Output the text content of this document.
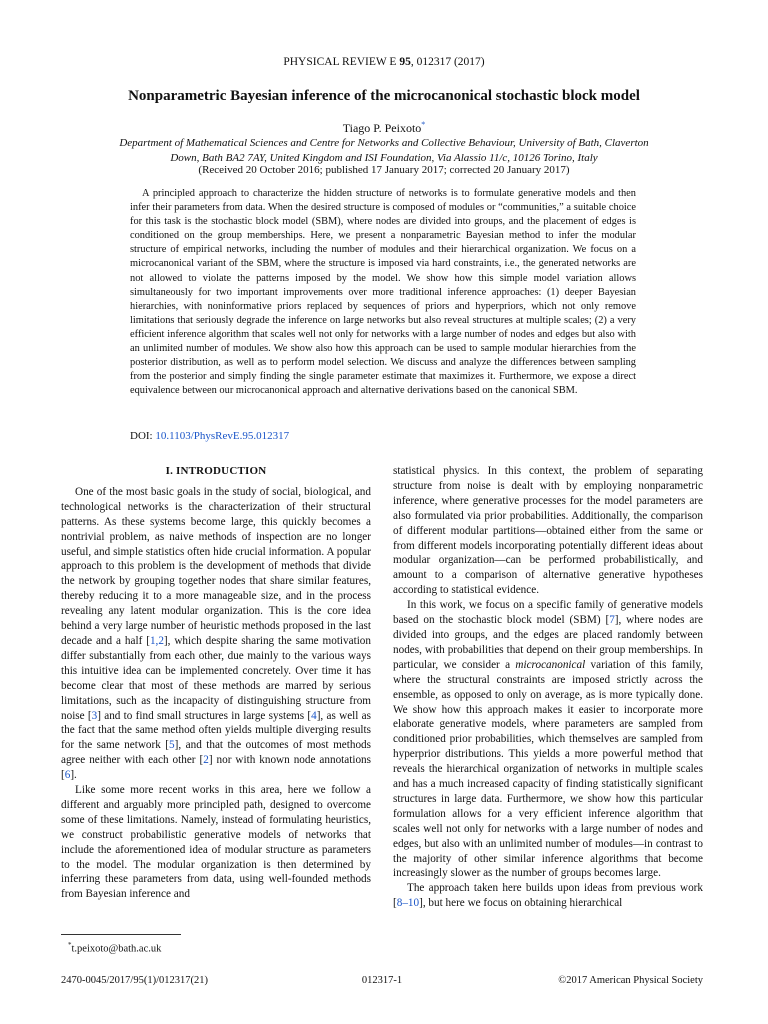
PHYSICAL REVIEW E 95, 012317 (2017)
Nonparametric Bayesian inference of the microcanonical stochastic block model
Tiago P. Peixoto*
Department of Mathematical Sciences and Centre for Networks and Collective Behaviour, University of Bath, Claverton Down, Bath BA2 7AY, United Kingdom and ISI Foundation, Via Alassio 11/c, 10126 Torino, Italy
(Received 20 October 2016; published 17 January 2017; corrected 20 January 2017)

A principled approach to characterize the hidden structure of networks is to formulate generative models and then infer their parameters from data. When the desired structure is composed of modules or “communities,” a suitable choice for this task is the stochastic block model (SBM), where nodes are divided into groups, and the placement of edges is conditioned on the group memberships. Here, we present a nonparametric Bayesian method to infer the modular structure of empirical networks, including the number of modules and their hierarchical organization. We focus on a microcanonical variant of the SBM, where the structure is imposed via hard constraints, i.e., the generated networks are not allowed to violate the patterns imposed by the model. We show how this simple model variation allows simultaneously for two important improvements over more traditional inference approaches: (1) deeper Bayesian hierarchies, with noninformative priors replaced by sequences of priors and hyperpriors, which not only remove limitations that seriously degrade the inference on large networks but also reveal structures at multiple scales; (2) a very efficient inference algorithm that scales well not only for networks with a large number of nodes and edges but also with an unlimited number of modules. We show also how this approach can be used to sample modular hierarchies from the posterior distribution, as well as to perform model selection. We discuss and analyze the differences between sampling from the posterior and simply finding the single parameter estimate that maximizes it. Furthermore, we expose a direct equivalence between our microcanonical approach and alternative derivations based on the canonical SBM.

DOI: 10.1103/PhysRevE.95.012317
I. INTRODUCTION

One of the most basic goals in the study of social, biological, and technological networks is the characterization of their structural patterns. As these systems become large, this quickly becomes a nontrivial problem, as naive methods of inspection are no longer useful, and simple statistics often hide crucial information. A popular approach to this problem is the development of methods that divide the network by grouping together nodes that share similar features, thereby reducing it to a more manageable size, and in the process revealing any latent modular organization. This is the core idea behind a very large number of heuristic methods proposed in the last decade and a half [1,2], which despite sharing the same motivation differ substantially from each other, due mainly to the various ways this intuitive idea can be implemented concretely. Over time it has become clear that most of these methods are marred by serious limitations, such as the incapacity of distinguishing structure from noise [3] and to find small structures in large systems [4], as well as the fact that the same method often yields multiple diverging results for the same network [5], and that the outcomes of most methods agree neither with each other [2] nor with known node annotations [6].

Like some more recent works in this area, here we follow a different and arguably more principled path, designed to overcome some of these limitations. Namely, instead of formulating heuristics, we construct probabilistic generative models of networks that include the aforementioned idea of modular structure as parameters to the model. The modular organization is then determined by inferring these parameters from data, using well-founded methods from Bayesian inference and

statistical physics. In this context, the problem of separating structure from noise is dealt with by employing nonparametric inference, where generative processes for the model parameters are also formulated via prior probabilities. Additionally, the comparison of different modular partitions—obtained either from the same or from different models incorporating potentially different ideas about modular organization—can be performed probabilistically, and amount to a comparison of alternative generative hypotheses according to statistical evidence.

In this work, we focus on a specific family of generative models based on the stochastic block model (SBM) [7], where nodes are divided into groups, and the edges are placed randomly between nodes, with probabilities that depend on their group memberships. In particular, we consider a microcanonical variation of this family, where the structural constraints are imposed strictly across the ensemble, as opposed to only on average, as is more typically done. We show how this approach makes it easier to incorporate more elaborate generative models, where parameters are sampled from conditioned prior probabilities, which themselves are sampled from hyperprior distributions. This yields a more powerful method that reveals the hierarchical organization of networks in multiple scales and has a much increased capacity of finding statistically significant structures in large data. Furthermore, we show how this particular formulation allows for a very efficient inference algorithm that scales well not only for networks with a large number of nodes and edges, but also with an unlimited number of modules—in contrast to the majority of other similar inference algorithms that become increasingly slower as the number of groups becomes large.

The approach taken here builds upon ideas from previous work [8–10], but here we focus on obtaining hierarchical

*t.peixoto@bath.ac.uk
2470-0045/2017/95(1)/012317(21)	012317-1	©2017 American Physical Society
